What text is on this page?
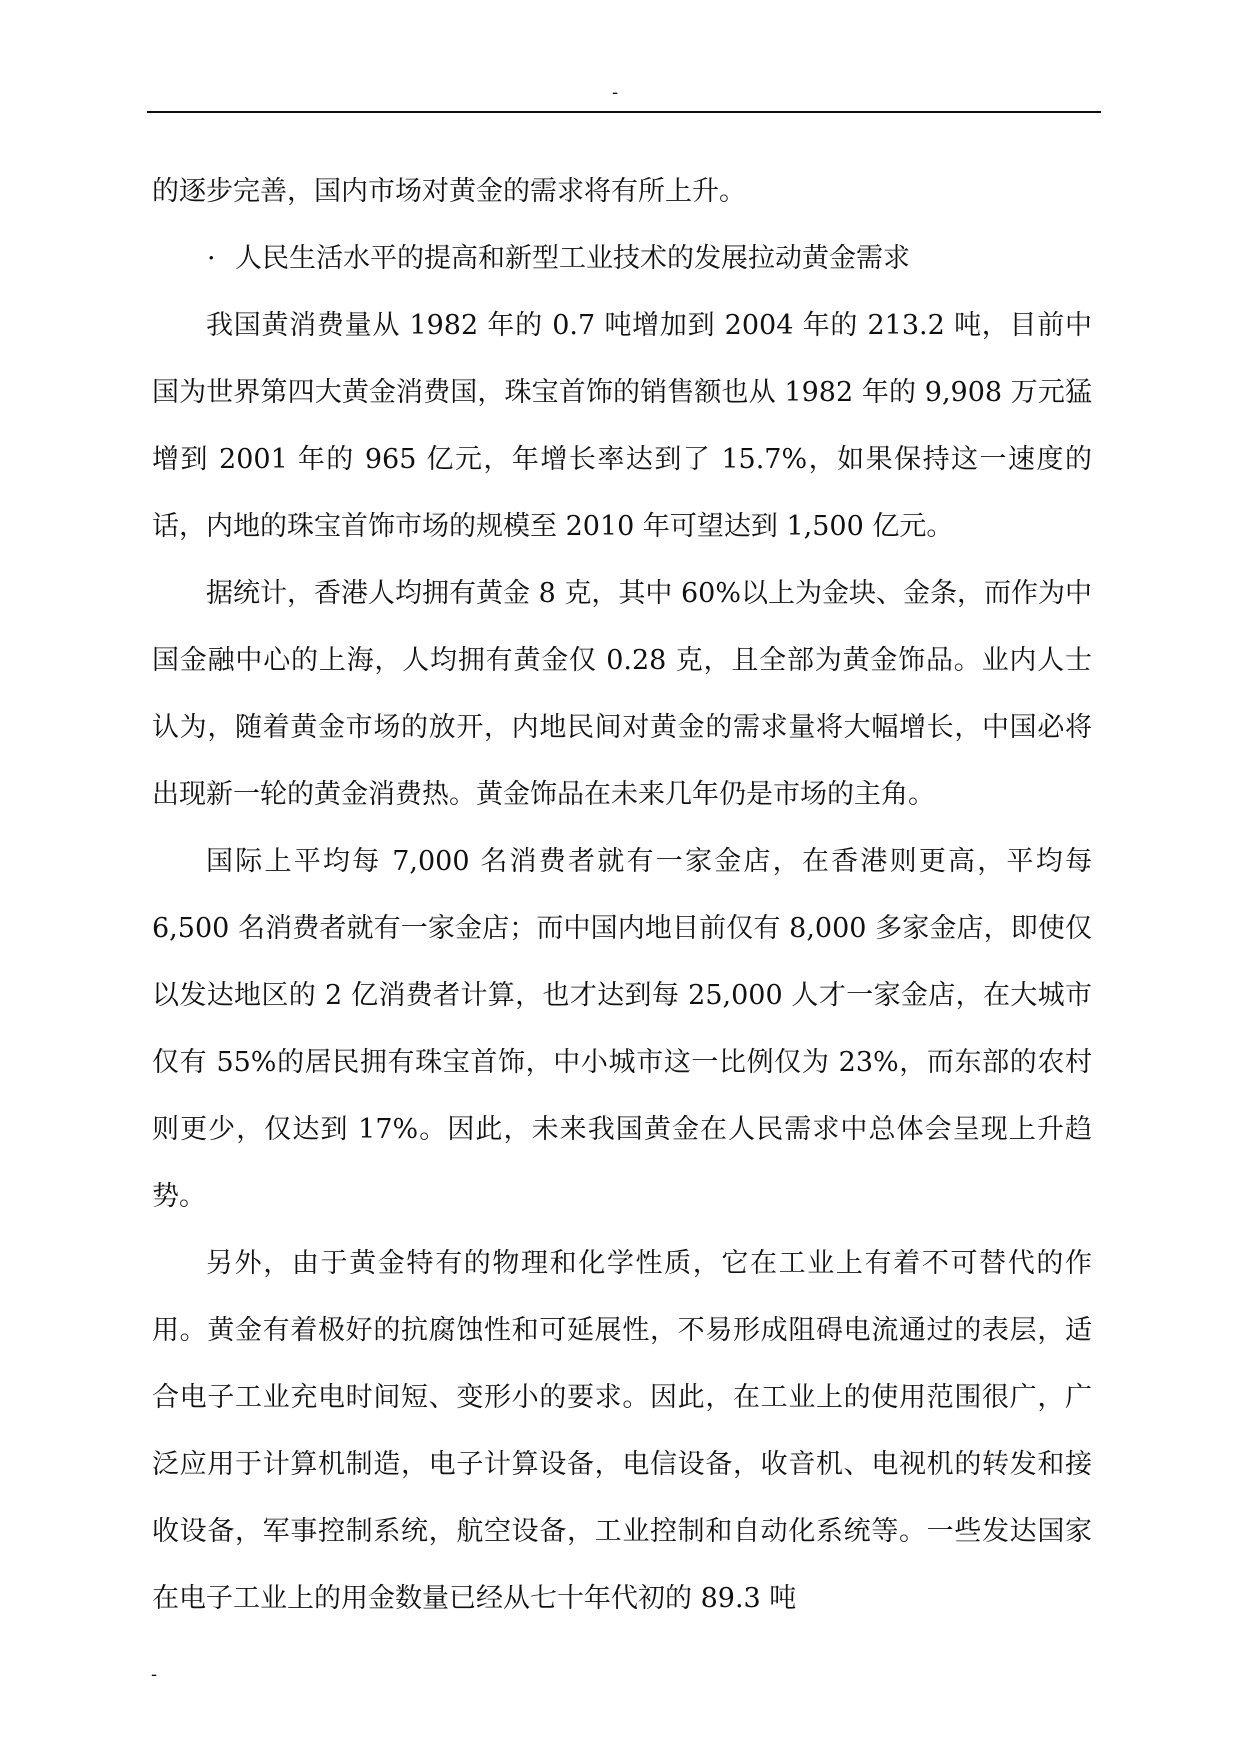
-

的逐步完善，国内市场对黄金的需求将有所上升。

· 人民生活水平的提高和新型工业技术的发展拉动黄金需求

我国黄消费量从 1982 年的 0.7 吨增加到 2004 年的 213.2 吨，目前中国为世界第四大黄金消费国，珠宝首饰的销售额也从 1982 年的 9,908 万元猛增到 2001 年的 965 亿元，年增长率达到了 15.7%，如果保持这一速度的话，内地的珠宝首饰市场的规模至 2010 年可望达到 1,500 亿元。

据统计，香港人均拥有黄金 8 克，其中 60%以上为金块、金条，而作为中国金融中心的上海，人均拥有黄金仅 0.28 克，且全部为黄金饰品。业内人士认为，随着黄金市场的放开，内地民间对黄金的需求量将大幅增长，中国必将出现新一轮的黄金消费热。黄金饰品在未来几年仍是市场的主角。

国际上平均每 7,000 名消费者就有一家金店，在香港则更高，平均每 6,500 名消费者就有一家金店；而中国内地目前仅有 8,000 多家金店，即使仅以发达地区的 2 亿消费者计算，也才达到每 25,000 人才一家金店，在大城市仅有 55%的居民拥有珠宝首饰，中小城市这一比例仅为 23%，而东部的农村则更少，仅达到 17%。因此，未来我国黄金在人民需求中总体会呈现上升趋势。

另外，由于黄金特有的物理和化学性质，它在工业上有着不可替代的作用。黄金有着极好的抗腐蚀性和可延展性，不易形成阻碍电流通过的表层，适合电子工业充电时间短、变形小的要求。因此，在工业上的使用范围很广，广泛应用于计算机制造，电子计算设备，电信设备，收音机、电视机的转发和接收设备，军事控制系统，航空设备，工业控制和自动化系统等。一些发达国家在电子工业上的用金数量已经从七十年代初的 89.3 吨

-
